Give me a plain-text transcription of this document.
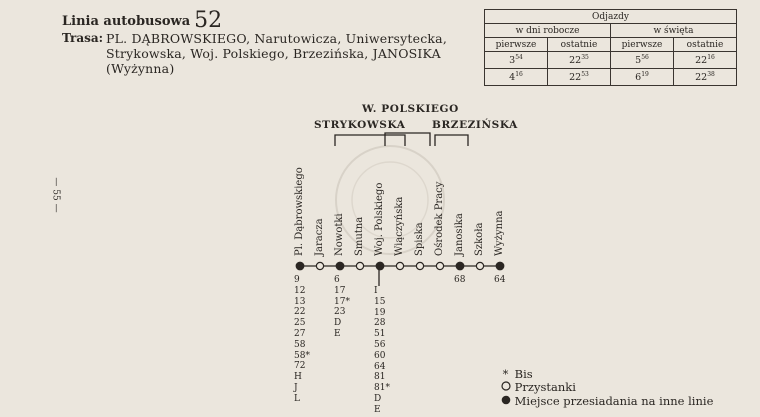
Linia autobusowa 52
Trasa: PL. DĄBROWSKIEGO, Narutowicza, Uniwersytecka, Strykowska, Woj. Polskiego, Brzezińska, JANOSIKA (Wyżynna)
Odjazdy			
w dni robocze		w święta	
pierwsze	ostatnie	pierwsze	ostatnie
$3^{54}$	$22^{35}$	$5^{56}$	$22^{16}$
$4^{16}$	$22^{53}$	$6^{19}$	$22^{38}$
— 55 —
W. POLSKIEGO
STRYKOWSKA	BRZEZIŃSKA
Pl. Dąbrowskiego Jaracza Nowotki Smutna Woj. Polskiego Wiączyńska Spiska Ośrodek Pracy Janosika Szkoła Wyżynna
9
12
13
22
25
27
58
58*
72
H
J
L
6
17
17*
23
D
E
I
15
19
28
51
56
60
64
81
81*
D
E
68	64
* Bis
Przystanki
Miejsce przesiadania na inne linie
